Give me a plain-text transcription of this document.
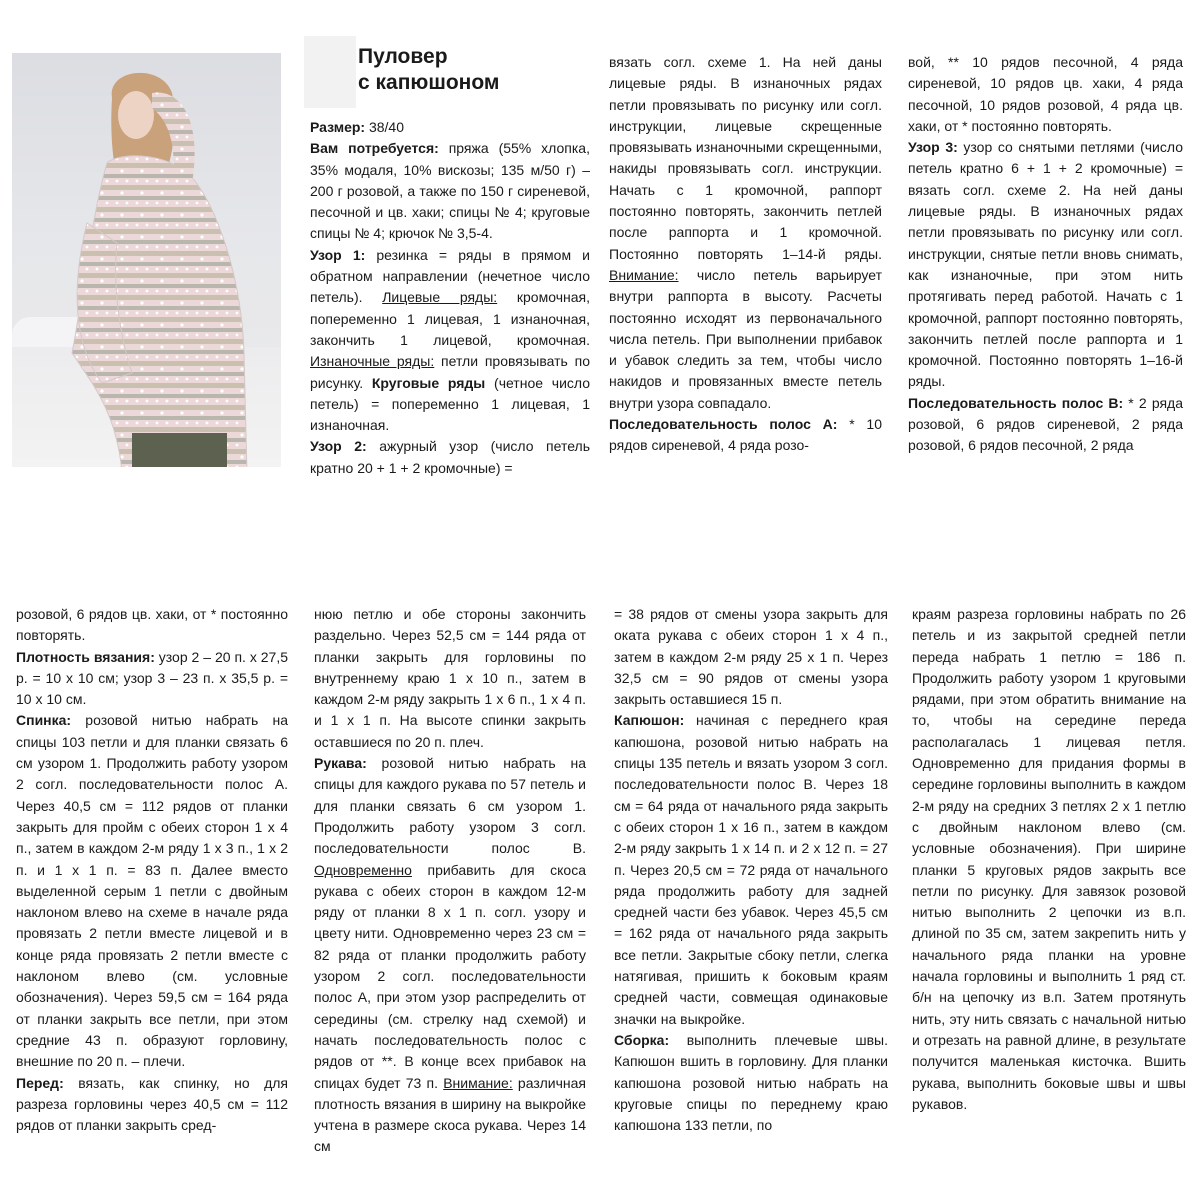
Пуловер
с капюшоном

Размер: 38/40

Вам потребуется: пряжа (55% хлопка, 35% модаля, 10% вискозы; 135 м/50 г) – 200 г розовой, а также по 150 г сиреневой, песочной и цв. хаки; спицы № 4; круговые спицы № 4; крючок № 3,5-4.

Узор 1: резинка = ряды в прямом и обратном направлении (нечетное число петель). Лицевые ряды: кромочная, попеременно 1 лицевая, 1 изнаночная, закончить 1 лицевой, кромочная. Изнаночные ряды: петли провязывать по рисунку. Круговые ряды (четное число петель) = попеременно 1 лицевая, 1 изнаночная.

Узор 2: ажурный узор (число петель кратно 20 + 1 + 2 кромочные) =

вязать согл. схеме 1. На ней даны лицевые ряды. В изнаночных рядах петли провязывать по рисунку или согл. инструкции, лицевые скрещенные провязывать изнаночными скрещенными, накиды провязывать согл. инструкции. Начать с 1 кромочной, раппорт постоянно повторять, закончить петлей после раппорта и 1 кромочной. Постоянно повторять 1–14-й ряды. Внимание: число петель варьирует внутри раппорта в высоту. Расчеты постоянно исходят из первоначального числа петель. При выполнении прибавок и убавок следить за тем, чтобы число накидов и провязанных вместе петель внутри узора совпадало.

Последовательность полос А: * 10 рядов сиреневой, 4 ряда розо-

вой, ** 10 рядов песочной, 4 ряда сиреневой, 10 рядов цв. хаки, 4 ряда песочной, 10 рядов розовой, 4 ряда цв. хаки, от * постоянно повторять.

Узор 3: узор со снятыми петлями (число петель кратно 6 + 1 + 2 кромочные) = вязать согл. схеме 2. На ней даны лицевые ряды. В изнаночных рядах петли провязывать по рисунку или согл. инструкции, снятые петли вновь снимать, как изнаночные, при этом нить протягивать перед работой. Начать с 1 кромочной, раппорт постоянно повторять, закончить петлей после раппорта и 1 кромочной. Постоянно повторять 1–16-й ряды.

Последовательность полос В: * 2 ряда розовой, 6 рядов сиреневой, 2 ряда розовой, 6 рядов песочной, 2 ряда

розовой, 6 рядов цв. хаки, от * постоянно повторять.

Плотность вязания: узор 2 – 20 п. х 27,5 р. = 10 х 10 см; узор 3 – 23 п. х 35,5 р. = 10 х 10 см.

Спинка: розовой нитью набрать на спицы 103 петли и для планки связать 6 см узором 1. Продолжить работу узором 2 согл. последовательности полос А. Через 40,5 см = 112 рядов от планки закрыть для пройм с обеих сторон 1 х 4 п., затем в каждом 2-м ряду 1 х 3 п., 1 х 2 п. и 1 х 1 п. = 83 п. Далее вместо выделенной серым 1 петли с двойным наклоном влево на схеме в начале ряда провязать 2 петли вместе лицевой и в конце ряда провязать 2 петли вместе с наклоном влево (см. условные обозначения). Через 59,5 см = 164 ряда от планки закрыть все петли, при этом средние 43 п. образуют горловину, внешние по 20 п. – плечи.

Перед: вязать, как спинку, но для разреза горловины через 40,5 см = 112 рядов от планки закрыть сред-

нюю петлю и обе стороны закончить раздельно. Через 52,5 см = 144 ряда от планки закрыть для горловины по внутреннему краю 1 х 10 п., затем в каждом 2-м ряду закрыть 1 х 6 п., 1 х 4 п. и 1 х 1 п. На высоте спинки закрыть оставшиеся по 20 п. плеч.

Рукава: розовой нитью набрать на спицы для каждого рукава по 57 петель и для планки связать 6 см узором 1. Продолжить работу узором 3 согл. последовательности полос В. Одновременно прибавить для скоса рукава с обеих сторон в каждом 12-м ряду от планки 8 х 1 п. согл. узору и цвету нити. Одновременно через 23 см = 82 ряда от планки продолжить работу узором 2 согл. последовательности полос А, при этом узор распределить от середины (см. стрелку над схемой) и начать последовательность полос с рядов от **. В конце всех прибавок на спицах будет 73 п. Внимание: различная плотность вязания в ширину на выкройке учтена в размере скоса рукава. Через 14 см

= 38 рядов от смены узора закрыть для оката рукава с обеих сторон 1 х 4 п., затем в каждом 2-м ряду 25 х 1 п. Через 32,5 см = 90 рядов от смены узора закрыть оставшиеся 15 п.

Капюшон: начиная с переднего края капюшона, розовой нитью набрать на спицы 135 петель и вязать узором 3 согл. последовательности полос В. Через 18 см = 64 ряда от начального ряда закрыть с обеих сторон 1 х 16 п., затем в каждом 2-м ряду закрыть 1 х 14 п. и 2 х 12 п. = 27 п. Через 20,5 см = 72 ряда от начального ряда продолжить работу для задней средней части без убавок. Через 45,5 см = 162 ряда от начального ряда закрыть все петли. Закрытые сбоку петли, слегка натягивая, пришить к боковым краям средней части, совмещая одинаковые значки на выкройке.

Сборка: выполнить плечевые швы. Капюшон вшить в горловину. Для планки капюшона розовой нитью набрать на круговые спицы по переднему краю капюшона 133 петли, по

краям разреза горловины набрать по 26 петель и из закрытой средней петли переда набрать 1 петлю = 186 п. Продолжить работу узором 1 круговыми рядами, при этом обратить внимание на то, чтобы на середине переда располагалась 1 лицевая петля. Одновременно для придания формы в середине горловины выполнить в каждом 2-м ряду на средних 3 петлях 2 х 1 петлю с двойным наклоном влево (см. условные обозначения). При ширине планки 5 круговых рядов закрыть все петли по рисунку. Для завязок розовой нитью выполнить 2 цепочки из в.п. длиной по 35 см, затем закрепить нить у начального ряда планки на уровне начала горловины и выполнить 1 ряд ст. б/н на цепочку из в.п. Затем протянуть нить, эту нить связать с начальной нитью и отрезать на равной длине, в результате получится маленькая кисточка. Вшить рукава, выполнить боковые швы и швы рукавов.
